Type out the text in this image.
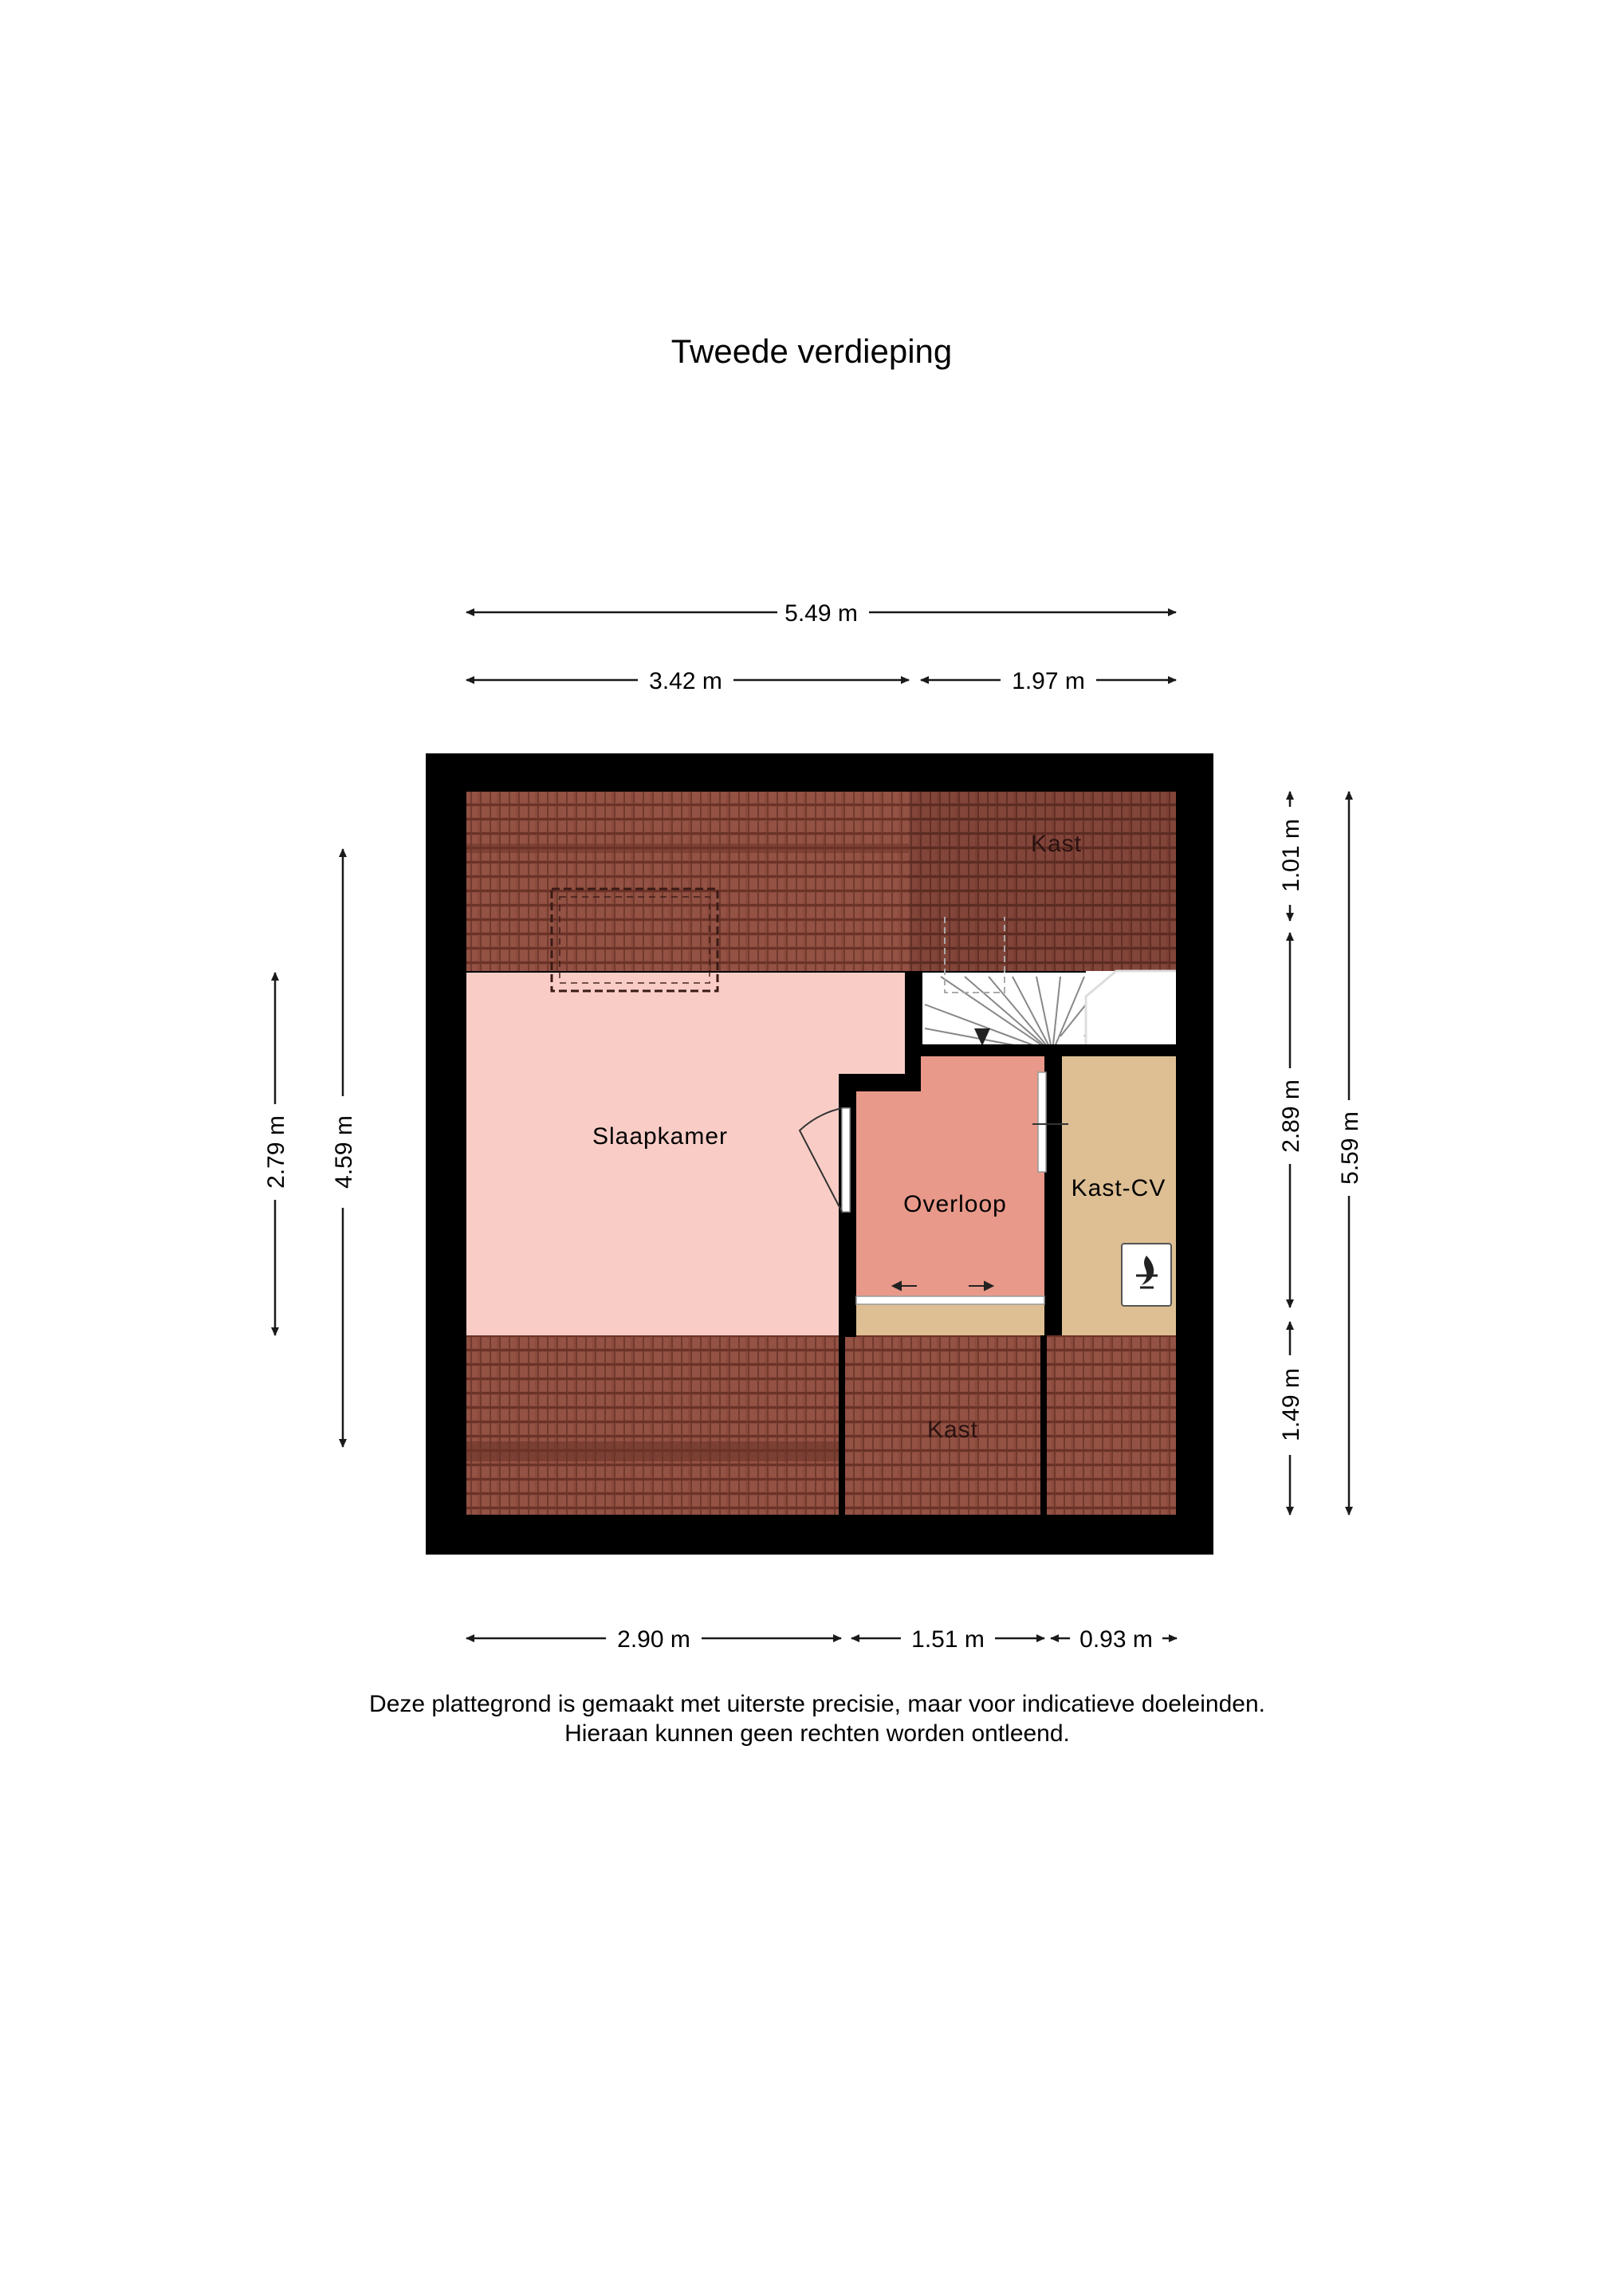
Tweede verdieping
Kast
Slaapkamer
Overloop
Kast-CV
Kast
5.49 m
3.42 m	1.97 m
2.90 m	1.51 m	0.93 m
2.79 m 4.59 m
1.01 m
2.89 m
1.49 m
5.59 m
Deze plattegrond is gemaakt met uiterste precisie, maar voor indicatieve doeleinden.
Hieraan kunnen geen rechten worden ontleend.
